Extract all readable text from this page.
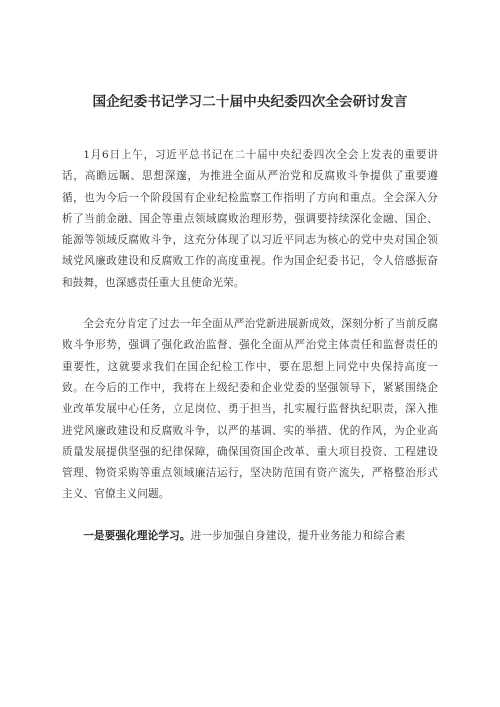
国企纪委书记学习二十届中央纪委四次全会研讨发言

1月6日上午，习近平总书记在二十届中央纪委四次全会上发表的重要讲话，高瞻远瞩、思想深邃，为推进全面从严治党和反腐败斗争提供了重要遵循，也为今后一个阶段国有企业纪检监察工作指明了方向和重点。全会深入分析了当前金融、国企等重点领域腐败治理形势，强调要持续深化金融、国企、能源等领域反腐败斗争，这充分体现了以习近平同志为核心的党中央对国企领域党风廉政建设和反腐败工作的高度重视。作为国企纪委书记，令人倍感振奋和鼓舞，也深感责任重大且使命光荣。

全会充分肯定了过去一年全面从严治党新进展新成效，深刻分析了当前反腐败斗争形势，强调了强化政治监督、强化全面从严治党主体责任和监督责任的重要性，这就要求我们在国企纪检工作中，要在思想上同党中央保持高度一致。在今后的工作中，我将在上级纪委和企业党委的坚强领导下，紧紧围绕企业改革发展中心任务，立足岗位、勇于担当，扎实履行监督执纪职责，深入推进党风廉政建设和反腐败斗争，以严的基调、实的举措、优的作风，为企业高质量发展提供坚强的纪律保障，确保国资国企改革、重大项目投资、工程建设管理、物资采购等重点领域廉洁运行，坚决防范国有资产流失，严格整治形式主义、官僚主义问题。

一是要强化理论学习。进一步加强自身建设，提升业务能力和综合素
